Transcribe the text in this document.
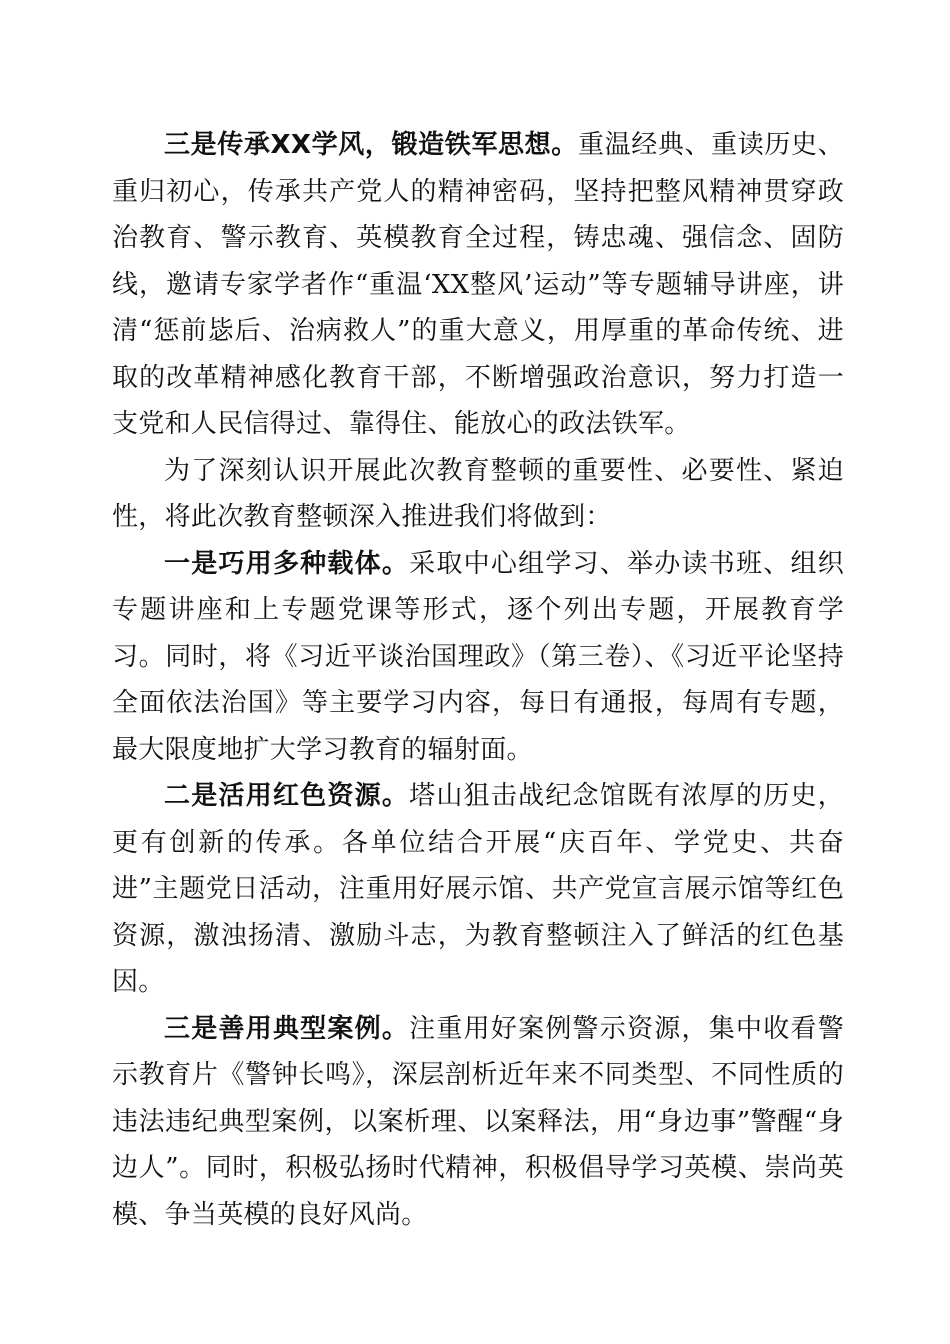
三是传承XX学风，锻造铁军思想。重温经典、重读历史、重归初心，传承共产党人的精神密码，坚持把整风精神贯穿政治教育、警示教育、英模教育全过程，铸忠魂、强信念、固防线，邀请专家学者作“重温‘XX整风’运动”等专题辅导讲座，讲清“惩前毖后、治病救人”的重大意义，用厚重的革命传统、进取的改革精神感化教育干部，不断增强政治意识，努力打造一支党和人民信得过、靠得住、能放心的政法铁军。

为了深刻认识开展此次教育整顿的重要性、必要性、紧迫性，将此次教育整顿深入推进我们将做到：

一是巧用多种载体。采取中心组学习、举办读书班、组织专题讲座和上专题党课等形式，逐个列出专题，开展教育学习。同时，将《习近平谈治国理政》（第三卷）、《习近平论坚持全面依法治国》等主要学习内容，每日有通报，每周有专题，最大限度地扩大学习教育的辐射面。

二是活用红色资源。塔山狙击战纪念馆既有浓厚的历史，更有创新的传承。各单位结合开展“庆百年、学党史、共奋进”主题党日活动，注重用好展示馆、共产党宣言展示馆等红色资源，激浊扬清、激励斗志，为教育整顿注入了鲜活的红色基因。

三是善用典型案例。注重用好案例警示资源，集中收看警示教育片《警钟长鸣》，深层剖析近年来不同类型、不同性质的违法违纪典型案例，以案析理、以案释法，用“身边事”警醒“身边人”。同时，积极弘扬时代精神，积极倡导学习英模、崇尚英模、争当英模的良好风尚。
